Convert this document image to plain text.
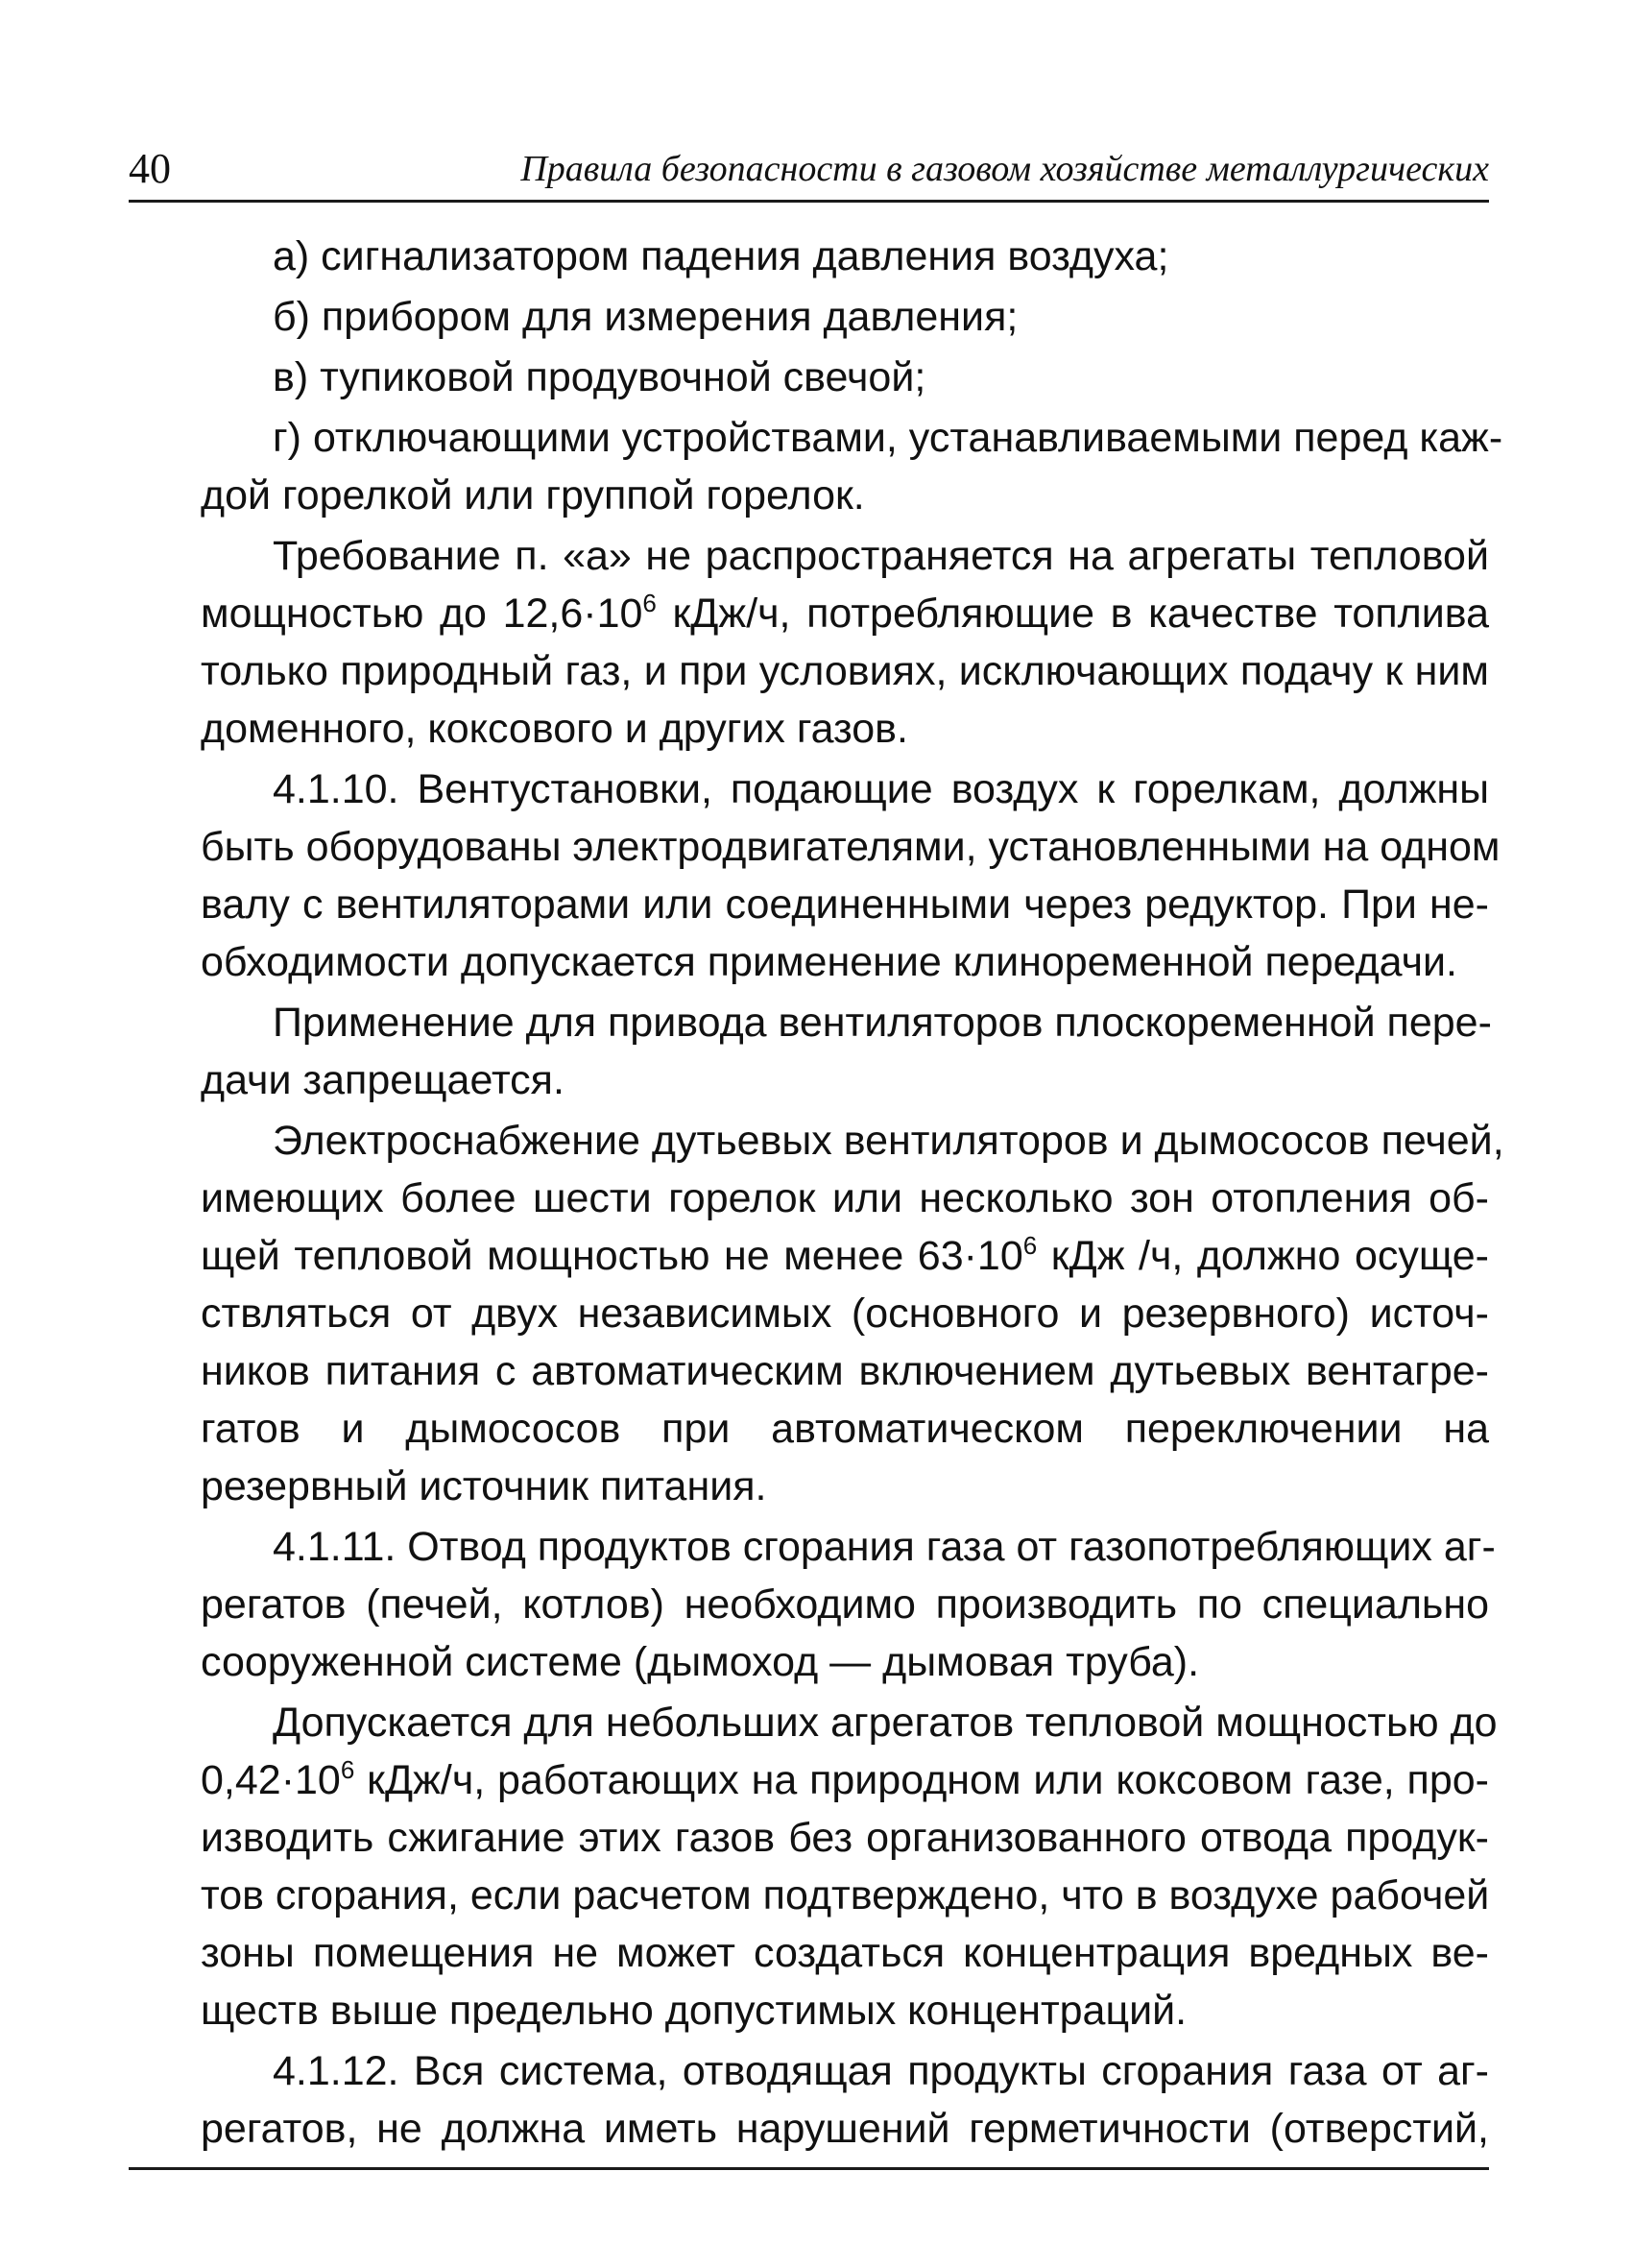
40	Правила безопасности в газовом хозяйстве металлургических
а) сигнализатором падения давления воздуха;
б) прибором для измерения давления;
в) тупиковой продувочной свечой;
г) отключающими устройствами, устанавливаемыми перед каж-
дой горелкой или группой горелок.
Требование п. «а» не распространяется на агрегаты тепловой
мощностью до $12,6\cdot 10^6$ кДж/ч, потребляющие в качестве топлива
только природный газ, и при условиях, исключающих подачу к ним
доменного, коксового и других газов.
4.1.10. Вентустановки, подающие воздух к горелкам, должны
быть оборудованы электродвигателями, установленными на одном
валу с вентиляторами или соединенными через редуктор. При не-
обходимости допускается применение клиноременной передачи.
Применение для привода вентиляторов плоскоременной пере-
дачи запрещается.
Электроснабжение дутьевых вентиляторов и дымососов печей,
имеющих более шести горелок или несколько зон отопления об-
щей тепловой мощностью не менее $63\cdot 10^6$ кДж /ч, должно осуще-
ствляться от двух независимых (основного и резервного) источ-
ников питания с автоматическим включением дутьевых вентагре-
гатов и дымососов при автоматическом переключении на
резервный источник питания.
4.1.11. Отвод продуктов сгорания газа от газопотребляющих аг-
регатов (печей, котлов) необходимо производить по специально
сооруженной системе (дымоход — дымовая труба).
Допускается для небольших агрегатов тепловой мощностью до
$0,42\cdot 10^6$ кДж/ч, работающих на природном или коксовом газе, про-
изводить сжигание этих газов без организованного отвода продук-
тов сгорания, если расчетом подтверждено, что в воздухе рабочей
зоны помещения не может создаться концентрация вредных ве-
ществ выше предельно допустимых концентраций.
4.1.12. Вся система, отводящая продукты сгорания газа от аг-
регатов, не должна иметь нарушений герметичности (отверстий,
